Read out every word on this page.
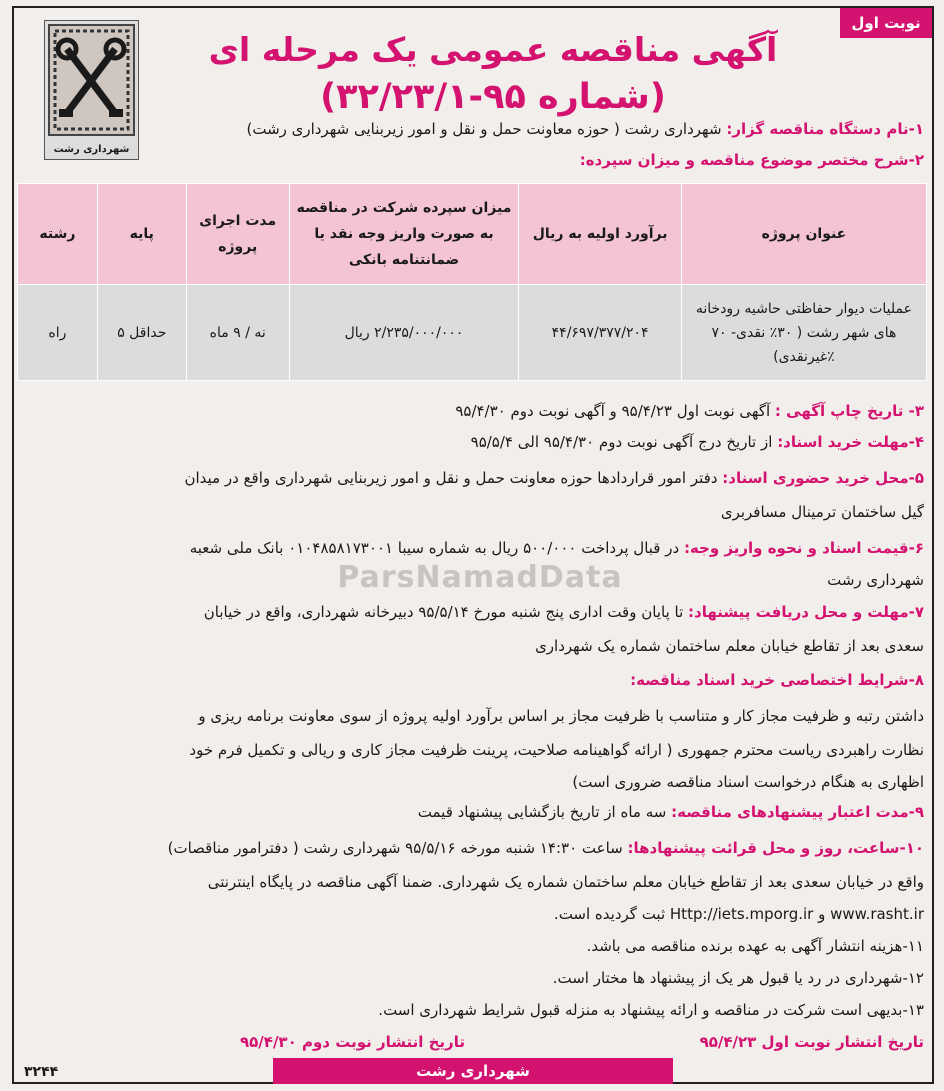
نوبت اول
شهرداری رشت
آگهی مناقصه عمومی یک مرحله ای
(شماره ۹۵-۳۲/۲۳/۱)
۱-نام دستگاه مناقصه گزار: شهرداری رشت ( حوزه معاونت حمل و نقل و امور زیربنایی شهرداری رشت)
۲-شرح مختصر موضوع مناقصه و میزان سپرده:
عنوان پروژه	برآورد اولیه به ریال	میزان سپرده شرکت در مناقصه به صورت واریز وجه نقد یا ضمانتنامه بانکی	مدت اجرای پروژه	پایه	رشته
عملیات دیوار حفاظتی حاشیه رودخانه های شهر رشت ( ۳۰٪ نقدی- ۷۰ ٪غیرنقدی)	۴۴/۶۹۷/۳۷۷/۲۰۴	۲/۲۳۵/۰۰۰/۰۰۰ ریال	نه / ۹ ماه	حداقل ۵	راه
ParsNamadData
۳- تاریخ چاپ آگهی : آگهی نوبت اول ۹۵/۴/۲۳ و آگهی نوبت دوم ۹۵/۴/۳۰
۴-مهلت خرید اسناد: از تاریخ درج آگهی نوبت دوم ۹۵/۴/۳۰ الی ۹۵/۵/۴
۵-محل خرید حضوری اسناد: دفتر امور قراردادها حوزه معاونت حمل و نقل و امور زیربنایی شهرداری واقع در میدان
گیل ساختمان ترمینال مسافربری
۶-قیمت اسناد و نحوه واریز وجه: در قبال پرداخت ۵۰۰/۰۰۰ ریال به شماره سیبا ۰۱۰۴۸۵۸۱۷۳۰۰۱ بانک ملی شعبه
شهرداری رشت
۷-مهلت و محل دریافت پیشنهاد: تا پایان وقت اداری پنج شنبه مورخ ۹۵/۵/۱۴ دبیرخانه شهرداری، واقع در خیابان
سعدی بعد از تقاطع خیابان معلم ساختمان شماره یک شهرداری
۸-شرایط اختصاصی خرید اسناد مناقصه:
داشتن رتبه و ظرفیت مجاز کار و متناسب با ظرفیت مجاز بر اساس برآورد اولیه پروژه از سوی معاونت برنامه ریزی و
نظارت راهبردی ریاست محترم جمهوری ( ارائه گواهینامه صلاحیت، پرینت ظرفیت مجاز کاری و ریالی و تکمیل فرم خود
اظهاری به هنگام درخواست اسناد مناقصه ضروری است)
۹-مدت اعتبار پیشنهادهای مناقصه: سه ماه از تاریخ بازگشایی پیشنهاد قیمت
۱۰-ساعت، روز و محل قرائت پیشنهادها: ساعت ۱۴:۳۰ شنبه مورخه ۹۵/۵/۱۶ شهرداری رشت ( دفترامور مناقصات)
واقع در خیابان سعدی بعد از تقاطع خیابان معلم ساختمان شماره یک شهرداری. ضمنا آگهی مناقصه در پایگاه اینترنتی
www.rasht.ir و Http://iets.mporg.ir ثبت گردیده است.
۱۱-هزینه انتشار آگهی به عهده برنده مناقصه می باشد.
۱۲-شهرداری در رد یا قبول هر یک از پیشنهاد ها مختار است.
۱۳-بدیهی است شرکت در مناقصه و ارائه پیشنهاد به منزله قبول شرایط شهرداری است.
تاریخ انتشار نوبت اول ۹۵/۴/۲۳
تاریخ انتشار نوبت دوم ۹۵/۴/۳۰
شهرداری رشت
۳۲۴۴
